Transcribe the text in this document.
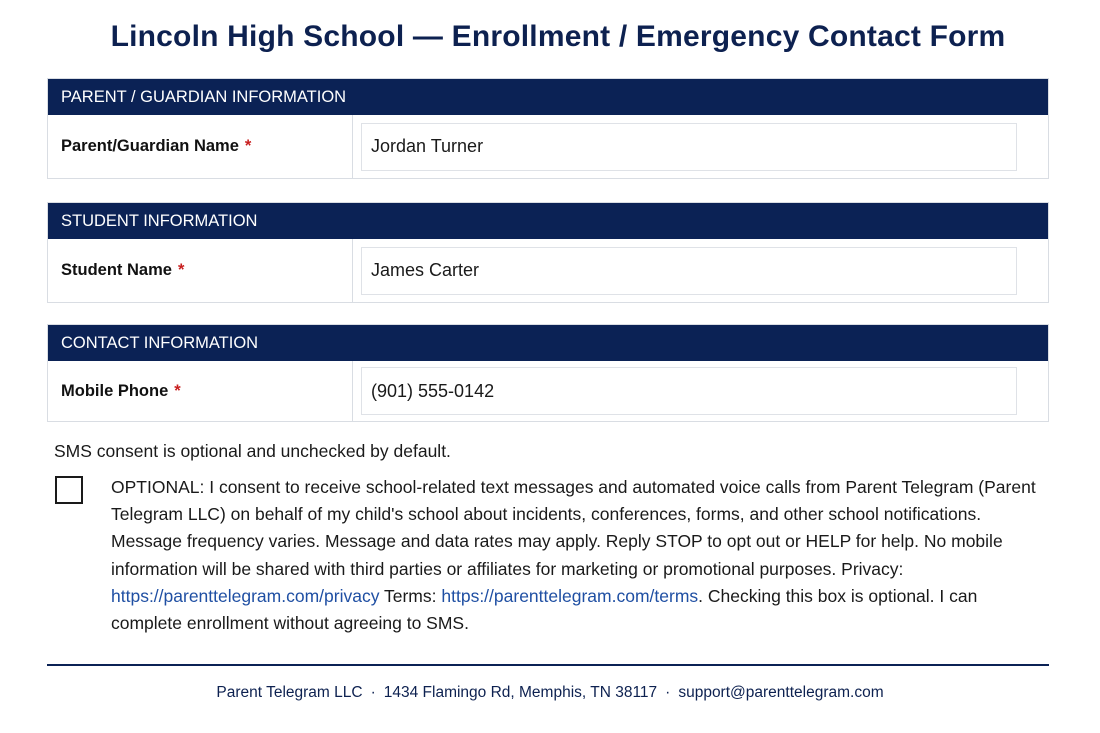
Lincoln High School — Enrollment / Emergency Contact Form
PARENT / GUARDIAN INFORMATION
Parent/Guardian Name *
Jordan Turner
STUDENT INFORMATION
Student Name *
James Carter
CONTACT INFORMATION
Mobile Phone *
(901) 555-0142
SMS consent is optional and unchecked by default.

OPTIONAL: I consent to receive school-related text messages and automated voice calls from Parent Telegram (Parent Telegram LLC) on behalf of my child's school about incidents, conferences, forms, and other school notifications. Message frequency varies. Message and data rates may apply. Reply STOP to opt out or HELP for help. No mobile information will be shared with third parties or affiliates for marketing or promotional purposes. Privacy: https://parenttelegram.com/privacy Terms: https://parenttelegram.com/terms. Checking this box is optional. I can complete enrollment without agreeing to SMS.

Parent Telegram LLC · 1434 Flamingo Rd, Memphis, TN 38117 · support@parenttelegram.com
